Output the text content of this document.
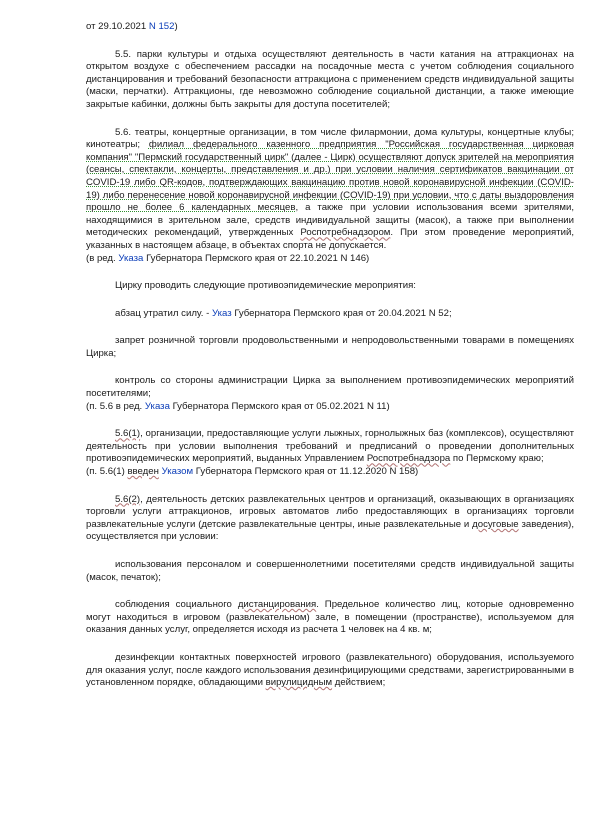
от 29.10.2021 N 152)

5.5. парки культуры и отдыха осуществляют деятельность в части катания на аттракционах на открытом воздухе с обеспечением рассадки на посадочные места с учетом соблюдения социального дистанцирования и требований безопасности аттракциона с применением средств индивидуальной защиты (маски, перчатки). Аттракционы, где невозможно соблюдение социальной дистанции, а также имеющие закрытые кабинки, должны быть закрыты для доступа посетителей;

5.6. театры, концертные организации, в том числе филармонии, дома культуры, концертные клубы; кинотеатры; филиал федерального казенного предприятия "Российская государственная цирковая компания" "Пермский государственный цирк" (далее - Цирк) осуществляют допуск зрителей на мероприятия (сеансы, спектакли, концерты, представления и др.) при условии наличия сертификатов вакцинации от COVID-19 либо QR-кодов, подтверждающих вакцинацию против новой коронавирусной инфекции (COVID-19) либо перенесение новой коронавирусной инфекции (COVID-19) при условии, что с даты выздоровления прошло не более 6 календарных месяцев, а также при условии использования всеми зрителями, находящимися в зрительном зале, средств индивидуальной защиты (масок), а также при выполнении методических рекомендаций, утвержденных Роспотребнадзором. При этом проведение мероприятий, указанных в настоящем абзаце, в объектах спорта не допускается.

(в ред. Указа Губернатора Пермского края от 22.10.2021 N 146)

Цирку проводить следующие противоэпидемические мероприятия:

абзац утратил силу. - Указ Губернатора Пермского края от 20.04.2021 N 52;

запрет розничной торговли продовольственными и непродовольственными товарами в помещениях Цирка;

контроль со стороны администрации Цирка за выполнением противоэпидемических мероприятий посетителями;

(п. 5.6 в ред. Указа Губернатора Пермского края от 05.02.2021 N 11)

5.6(1), организации, предоставляющие услуги лыжных, горнолыжных баз (комплексов), осуществляют деятельность при условии выполнения требований и предписаний о проведении дополнительных противоэпидемических мероприятий, выданных Управлением Роспотребнадзора по Пермскому краю;

(п. 5.6(1) введен Указом Губернатора Пермского края от 11.12.2020 N 158)

5.6(2), деятельность детских развлекательных центров и организаций, оказывающих в организациях торговли услуги аттракционов, игровых автоматов либо предоставляющих в организациях торговли развлекательные услуги (детские развлекательные центры, иные развлекательные и досуговые заведения), осуществляется при условии:

использования персоналом и совершеннолетними посетителями средств индивидуальной защиты (масок, печаток);

соблюдения социального дистанцирования. Предельное количество лиц, которые одновременно могут находиться в игровом (развлекательном) зале, в помещении (пространстве), используемом для оказания данных услуг, определяется исходя из расчета 1 человек на 4 кв. м;

дезинфекции контактных поверхностей игрового (развлекательного) оборудования, используемого для оказания услуг, после каждого использования дезинфицирующими средствами, зарегистрированными в установленном порядке, обладающими вирулицидным действием;
